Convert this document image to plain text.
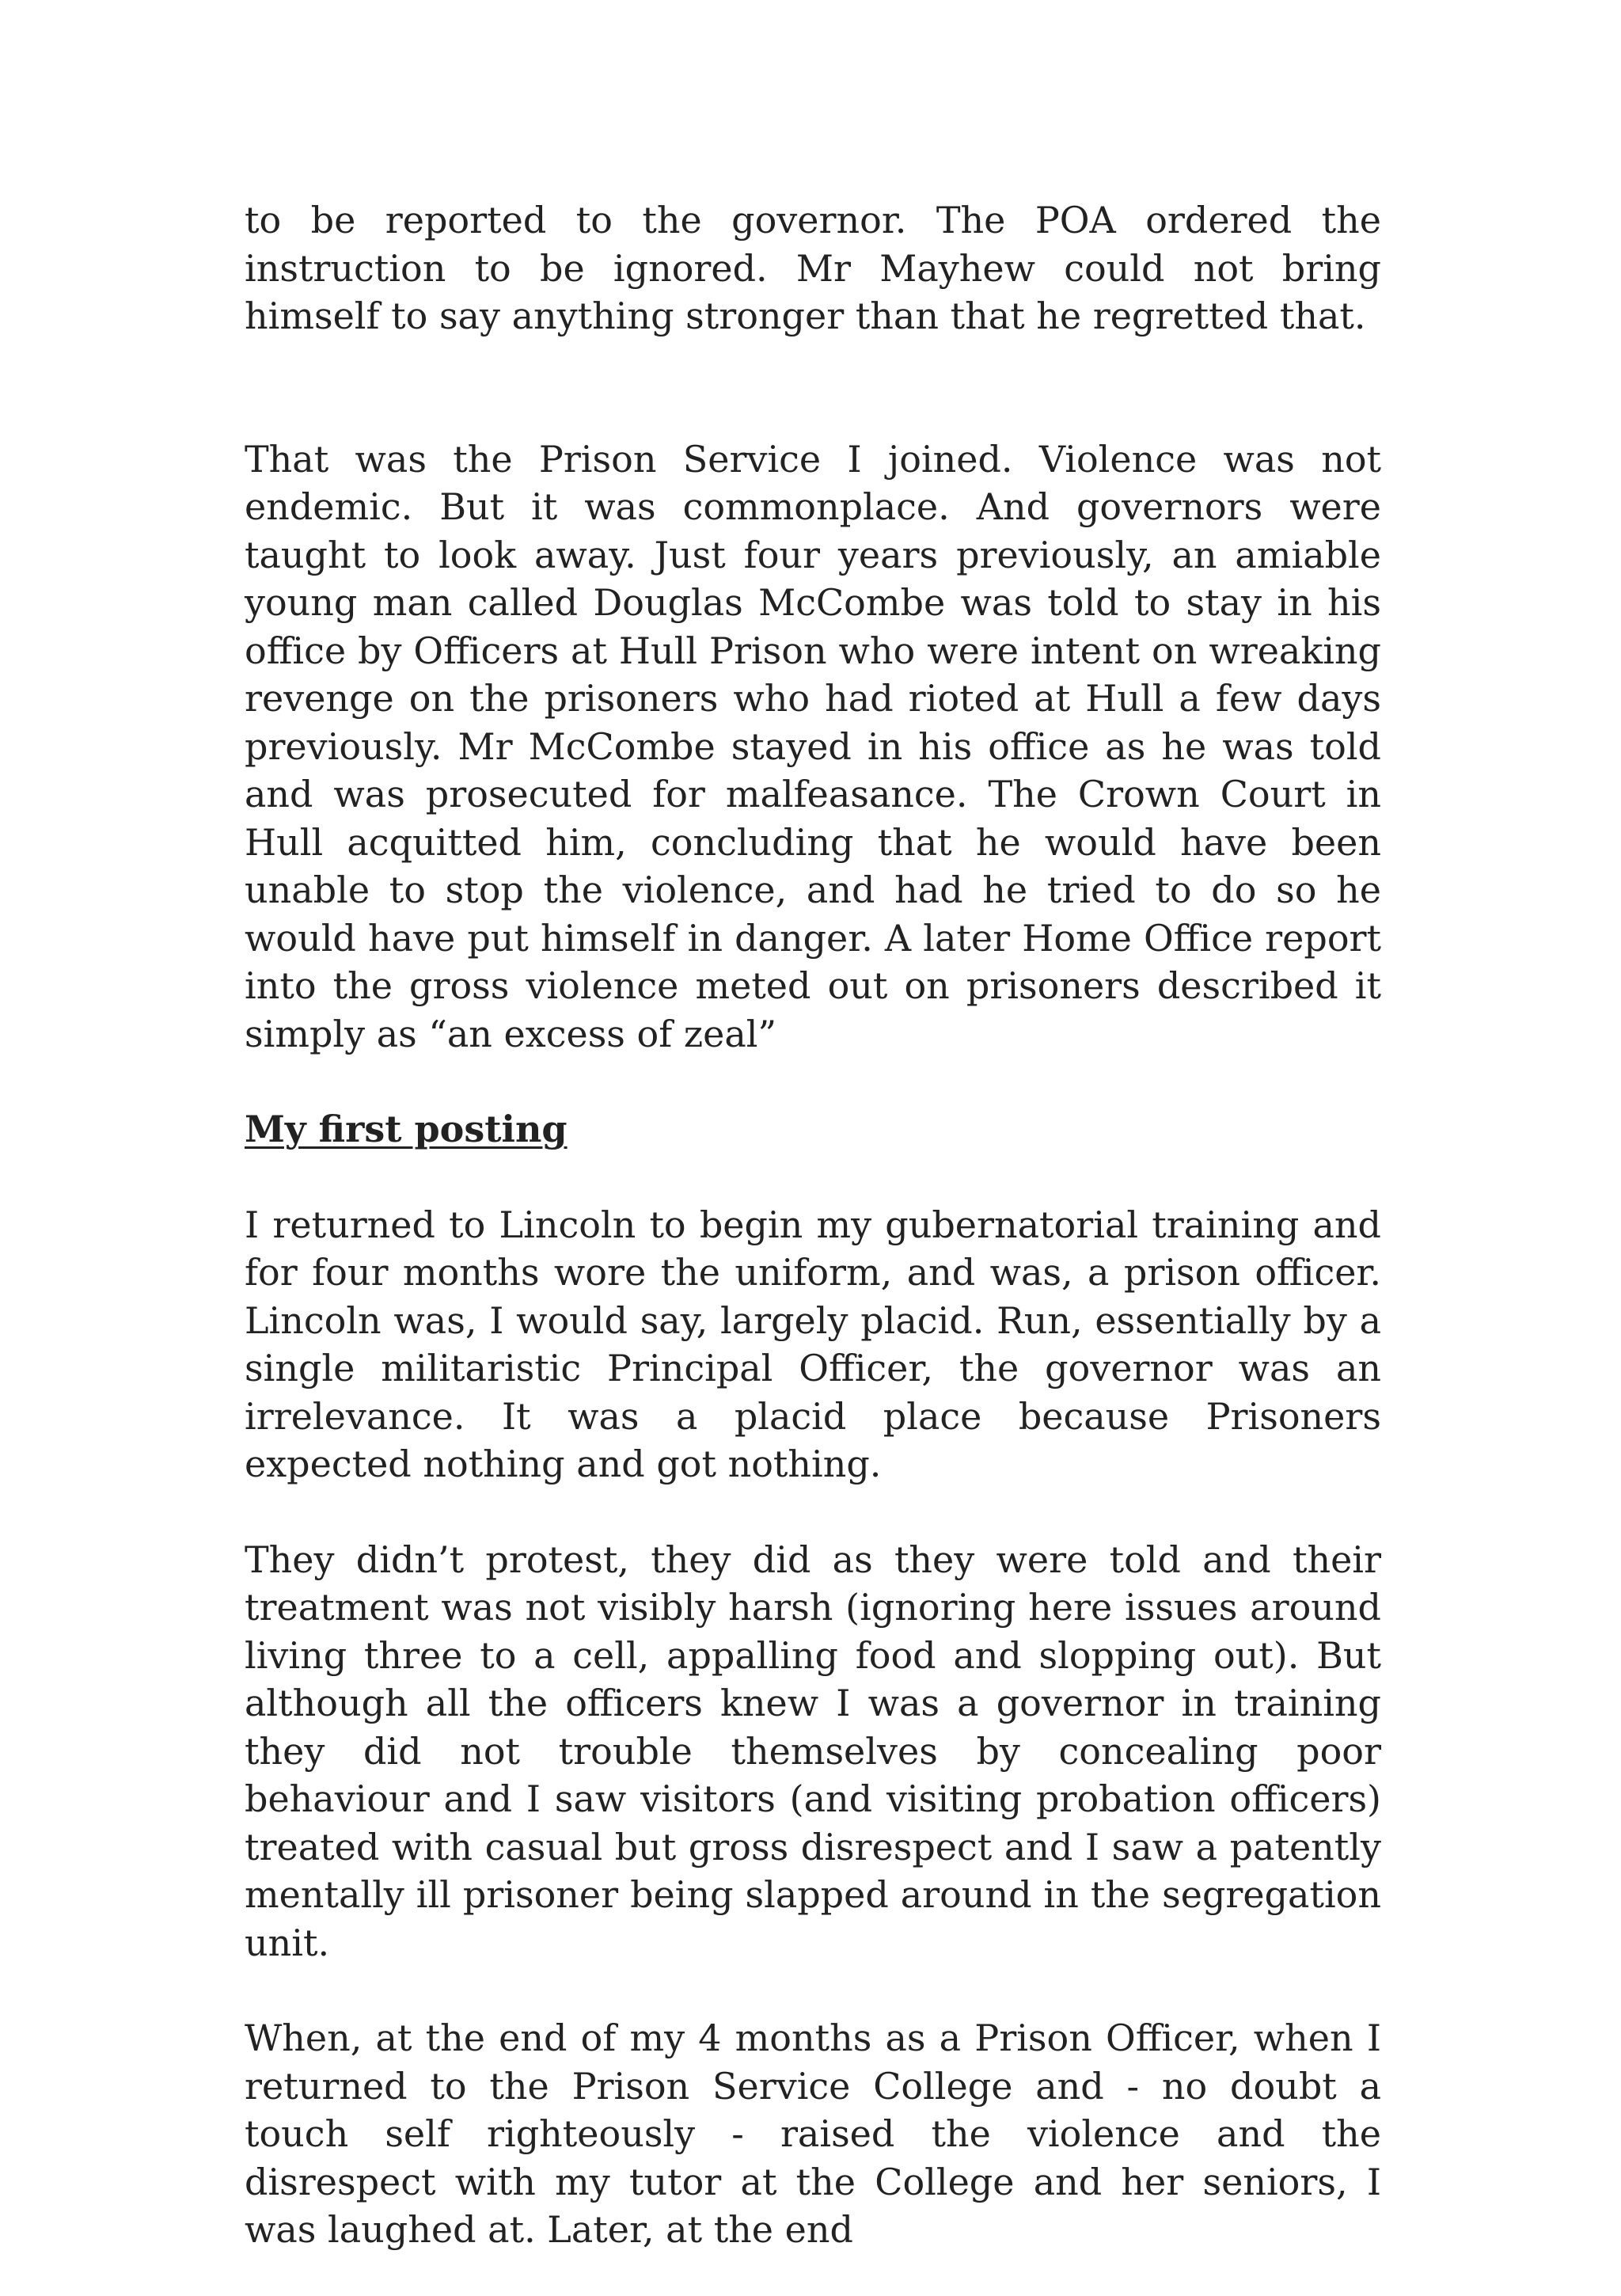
to be reported to the governor. The POA ordered the instruction to be ignored. Mr Mayhew could not bring himself to say anything stronger than that he regretted that.

That was the Prison Service I joined. Violence was not endemic. But it was commonplace. And governors were taught to look away. Just four years previously, an amiable young man called Douglas McCombe was told to stay in his office by Officers at Hull Prison who were intent on wreaking revenge on the prisoners who had rioted at Hull a few days previously. Mr McCombe stayed in his office as he was told and was prosecuted for malfeasance. The Crown Court in Hull acquitted him, concluding that he would have been unable to stop the violence, and had he tried to do so he would have put himself in danger. A later Home Office report into the gross violence meted out on prisoners described it simply as “an excess of zeal”

My first posting

I returned to Lincoln to begin my gubernatorial training and for four months wore the uniform, and was, a prison officer. Lincoln was, I would say, largely placid. Run, essentially by a single militaristic Principal Officer, the governor was an irrelevance. It was a placid place because Prisoners expected nothing and got nothing.

They didn’t protest, they did as they were told and their treatment was not visibly harsh (ignoring here issues around living three to a cell, appalling food and slopping out). But although all the officers knew I was a governor in training they did not trouble themselves by concealing poor behaviour and I saw visitors (and visiting probation officers) treated with casual but gross disrespect and I saw a patently mentally ill prisoner being slapped around in the segregation unit.

When, at the end of my 4 months as a Prison Officer, when I returned to the Prison Service College and - no doubt a touch self righteously - raised the violence and the disrespect with my tutor at the College and her seniors, I was laughed at. Later, at the end
